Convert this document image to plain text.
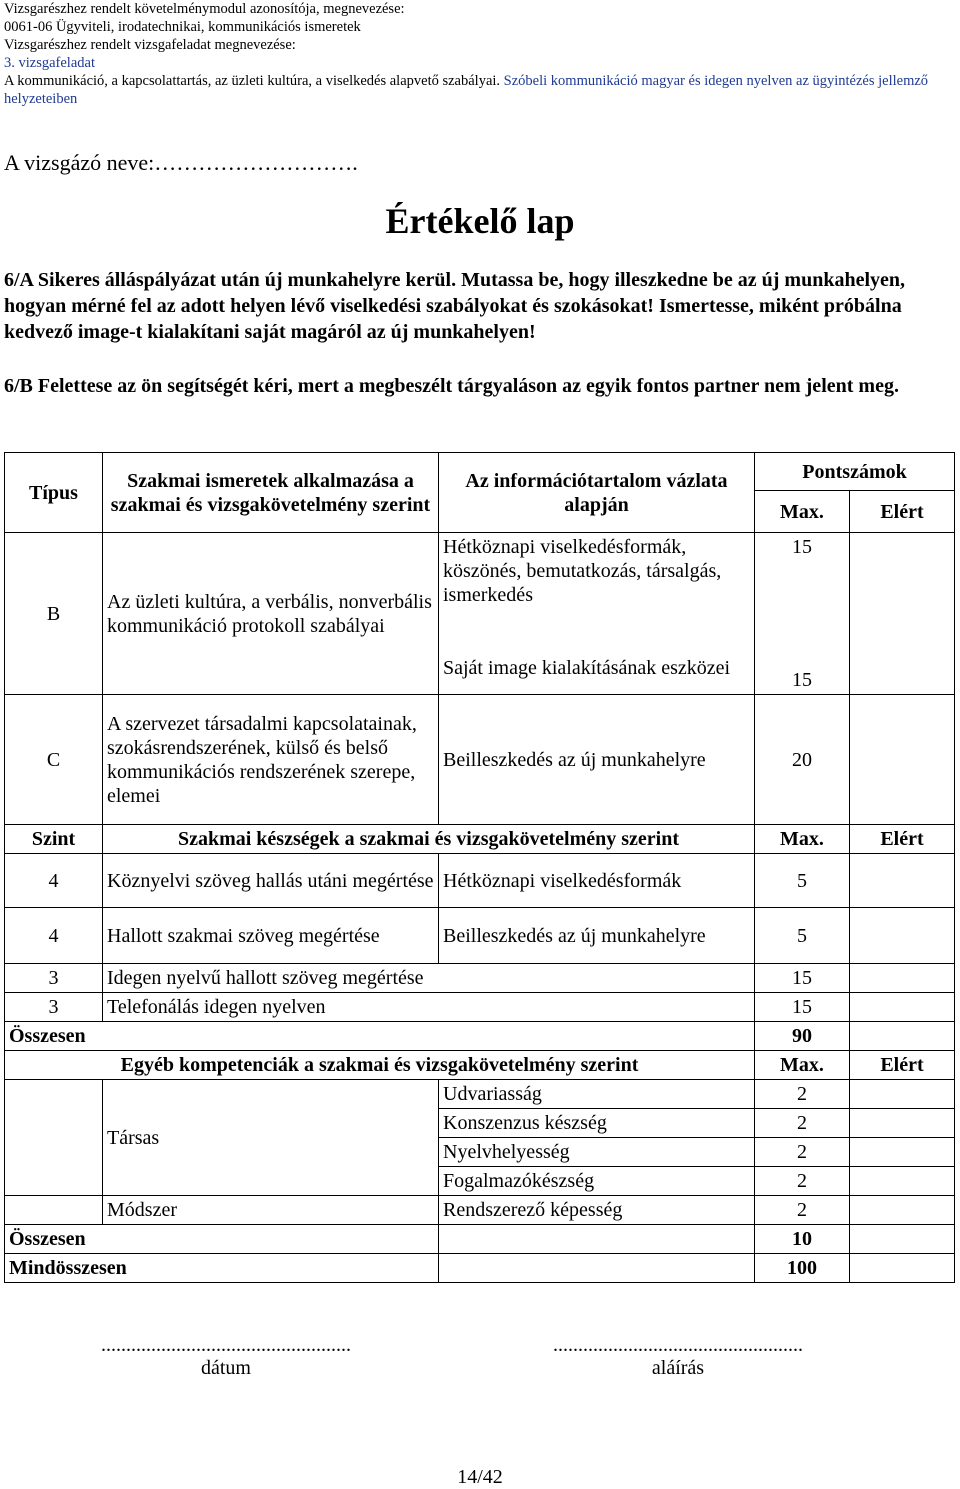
Vizsgarészhez rendelt követelménymodul azonosítója, megnevezése:
0061-06 Ügyviteli, irodatechnikai, kommunikációs ismeretek
Vizsgarészhez rendelt vizsgafeladat megnevezése:
3. vizsgafeladat
A kommunikáció, a kapcsolattartás, az üzleti kultúra, a viselkedés alapvető szabályai. Szóbeli kommunikáció magyar és idegen nyelven az ügyintézés jellemző helyzeteiben
A vizsgázó neve:……………………….
Értékelő lap
6/A Sikeres álláspályázat után új munkahelyre kerül. Mutassa be, hogy illeszkedne be az új munkahelyen, hogyan mérné fel az adott helyen lévő viselkedési szabályokat és szokásokat! Ismertesse, miként próbálna kedvező image-t kialakítani saját magáról az új munkahelyen!
6/B Felettese az ön segítségét kéri, mert a megbeszélt tárgyaláson az egyik fontos partner nem jelent meg.
Típus	Szakmai ismeretek alkalmazása a szakmai és vizsgakövetelmény szerint	Az információtartalom vázlata alapján	Pontszámok	
			Max.	Elért
B	Az üzleti kultúra, a verbális, nonverbális kommunikáció protokoll szabályai	Hétköznapi viselkedésformák, köszönés, bemutatkozás, társalgás, ismerkedés	15	
		Saját image kialakításának eszközei	15	
C	A szervezet társadalmi kapcsolatainak, szokásrendszerének, külső és belső kommunikációs rendszerének szerepe, elemei	Beilleszkedés az új munkahelyre	20	
Szint	Szakmai készségek a szakmai és vizsgakövetelmény szerint		Max.	Elért
4	Köznyelvi szöveg hallás utáni megértése	Hétköznapi viselkedésformák	5	
4	Hallott szakmai szöveg megértése	Beilleszkedés az új munkahelyre	5	
3	Idegen nyelvű hallott szöveg megértése		15	
3	Telefonálás idegen nyelven		15	
Összesen			90	
Egyéb kompetenciák a szakmai és vizsgakövetelmény szerint			Max.	Elért
	Társas	Udvariasság	2	
		Konszenzus készség	2	
		Nyelvhelyesség	2	
		Fogalmazókészség	2	
	Módszer	Rendszerező képesség	2	
Összesen			10	
Mindösszesen			100	
..................................................
dátum
..................................................
aláírás
14/42
